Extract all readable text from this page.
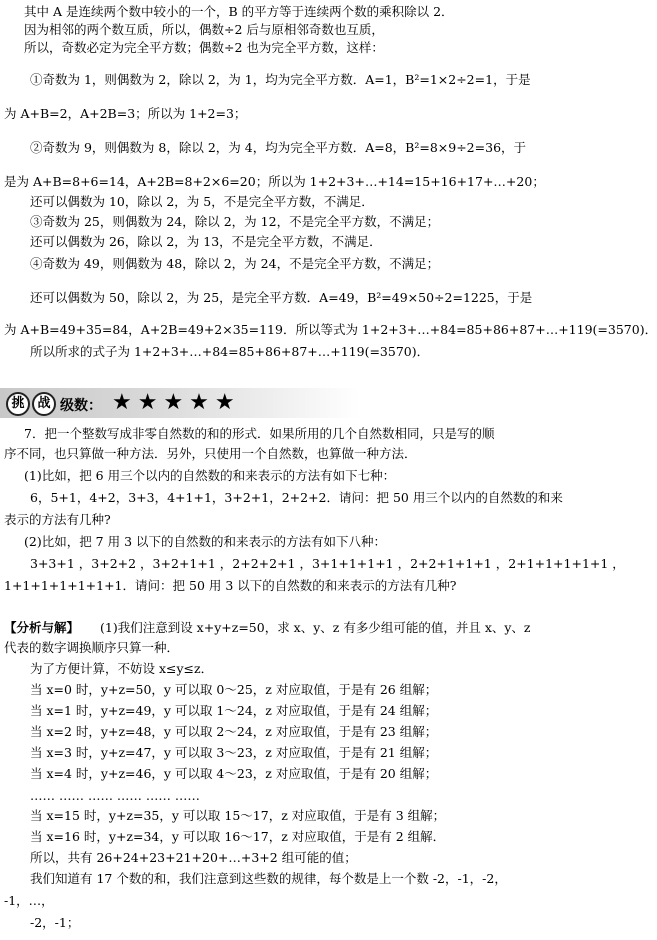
其中 A 是连续两个数中较小的一个，B 的平方等于连续两个数的乘积除以 2．
因为相邻的两个数互质，所以，偶数÷2 后与原相邻奇数也互质，
所以，奇数必定为完全平方数；偶数÷2 也为完全平方数，这样：
①奇数为 1，则偶数为 2，除以 2，为 1，均为完全平方数．A=1，B²=1×2÷2=1，于是
为 A+B=2，A+2B=3；所以为 1+2=3；
②奇数为 9，则偶数为 8，除以 2，为 4，均为完全平方数．A=8，B²=8×9÷2=36，于
是为 A+B=8+6=14，A+2B=8+2×6=20；所以为 1+2+3+…+14=15+16+17+…+20；
还可以偶数为 10，除以 2，为 5，不是完全平方数，不满足．
③奇数为 25，则偶数为 24，除以 2，为 12，不是完全平方数，不满足；
还可以偶数为 26，除以 2，为 13，不是完全平方数，不满足．
④奇数为 49，则偶数为 48，除以 2，为 24，不是完全平方数，不满足；
还可以偶数为 50，除以 2，为 25，是完全平方数．A=49，B²=49×50÷2=1225，于是
为 A+B=49+35=84，A+2B=49+2×35=119．所以等式为 1+2+3+…+84=85+86+87+…+119(=3570)．
所以所求的式子为 1+2+3+…+84=85+86+87+…+119(=3570)．
挑 战 级数： ★★★★★
7．把一个整数写成非零自然数的和的形式．如果所用的几个自然数相同，只是写的顺
序不同，也只算做一种方法．另外，只使用一个自然数，也算做一种方法．
(1)比如，把 6 用三个以内的自然数的和来表示的方法有如下七种：
6，5+1，4+2，3+3，4+1+1，3+2+1，2+2+2．请问：把 50 用三个以内的自然数的和来
表示的方法有几种?
(2)比如，把 7 用 3 以下的自然数的和来表示的方法有如下八种：
3+3+1 ，3+2+2 ，3+2+1+1 ，2+2+2+1 ，3+1+1+1+1 ，2+2+1+1+1 ，2+1+1+1+1+1 ，
1+1+1+1+1+1+1．请问：把 50 用 3 以下的自然数的和来表示的方法有几种?
【分析与解】 (1)我们注意到设 x+y+z=50，求 x、y、z 有多少组可能的值，并且 x、y、z
代表的数字调换顺序只算一种．
为了方便计算，不妨设 x≤y≤z．
当 x=0 时，y+z=50，y 可以取 0～25，z 对应取值，于是有 26 组解；
当 x=1 时，y+z=49，y 可以取 1～24，z 对应取值，于是有 24 组解；
当 x=2 时，y+z=48，y 可以取 2～24，z 对应取值，于是有 23 组解；
当 x=3 时，y+z=47，y 可以取 3～23，z 对应取值，于是有 21 组解；
当 x=4 时，y+z=46，y 可以取 4～23，z 对应取值，于是有 20 组解；
…… …… …… …… …… ……
当 x=15 时，y+z=35，y 可以取 15～17，z 对应取值，于是有 3 组解；
当 x=16 时，y+z=34，y 可以取 16～17，z 对应取值，于是有 2 组解．
所以，共有 26+24+23+21+20+…+3+2 组可能的值；
我们知道有 17 个数的和，我们注意到这些数的规律，每个数是上一个数 -2，-1，-2，
-1，…，
-2，-1；
